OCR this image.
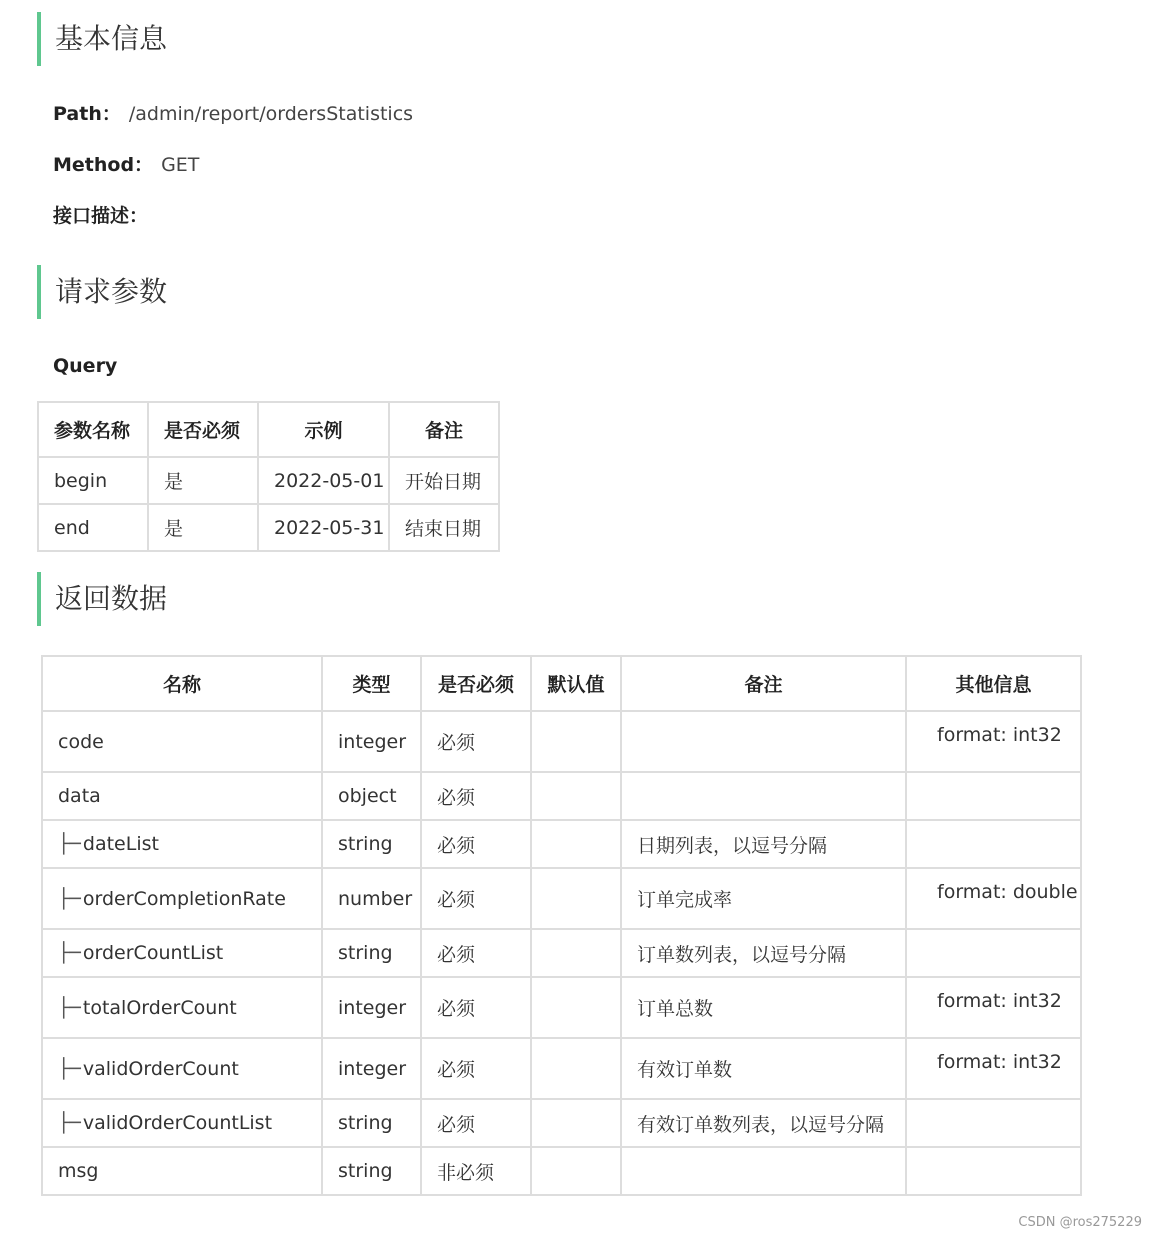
基本信息
Path： /admin/report/ordersStatistics
Method： GET
接口描述：
请求参数
Query
参数名称	是否必须	示例	备注
begin	是	2022-05-01	开始日期
end	是	2022-05-31	结束日期
返回数据
名称	类型	是否必须	默认值	备注	其他信息
code	integer	必须			format: int32
data	object	必须			
├─ dateList	string	必须		日期列表，以逗号分隔	
├─ orderCompletionRate	number	必须		订单完成率	format: double
├─ orderCountList	string	必须		订单数列表，以逗号分隔	
├─ totalOrderCount	integer	必须		订单总数	format: int32
├─ validOrderCount	integer	必须		有效订单数	format: int32
├─ validOrderCountList	string	必须		有效订单数列表，以逗号分隔	
msg	string	非必须			
CSDN @ros275229
